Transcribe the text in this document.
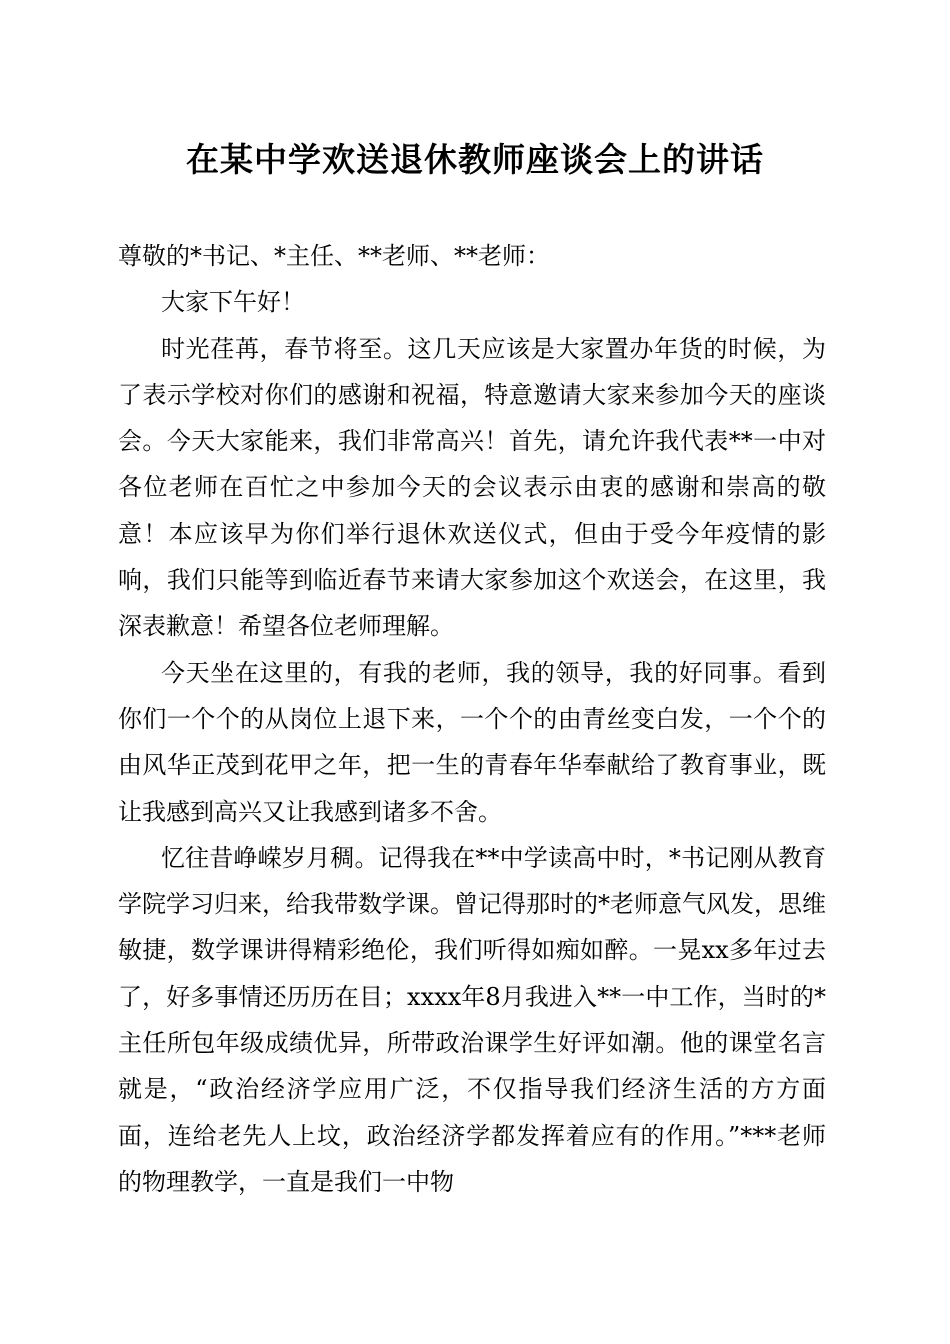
在某中学欢送退休教师座谈会上的讲话

尊敬的*书记、*主任、**老师、**老师：

大家下午好！

时光荏苒，春节将至。这几天应该是大家置办年货的时候，为了表示学校对你们的感谢和祝福，特意邀请大家来参加今天的座谈会。今天大家能来，我们非常高兴！首先，请允许我代表**一中对各位老师在百忙之中参加今天的会议表示由衷的感谢和崇高的敬意！本应该早为你们举行退休欢送仪式，但由于受今年疫情的影响，我们只能等到临近春节来请大家参加这个欢送会，在这里，我深表歉意！希望各位老师理解。

今天坐在这里的，有我的老师，我的领导，我的好同事。看到你们一个个的从岗位上退下来，一个个的由青丝变白发，一个个的由风华正茂到花甲之年，把一生的青春年华奉献给了教育事业，既让我感到高兴又让我感到诸多不舍。

忆往昔峥嵘岁月稠。记得我在**中学读高中时，*书记刚从教育学院学习归来，给我带数学课。曾记得那时的*老师意气风发，思维敏捷，数学课讲得精彩绝伦，我们听得如痴如醉。一晃xx多年过去了，好多事情还历历在目；xxxx年8月我进入**一中工作，当时的*主任所包年级成绩优异，所带政治课学生好评如潮。他的课堂名言就是，“政治经济学应用广泛，不仅指导我们经济生活的方方面面，连给老先人上坟，政治经济学都发挥着应有的作用。”***老师的物理教学，一直是我们一中物
